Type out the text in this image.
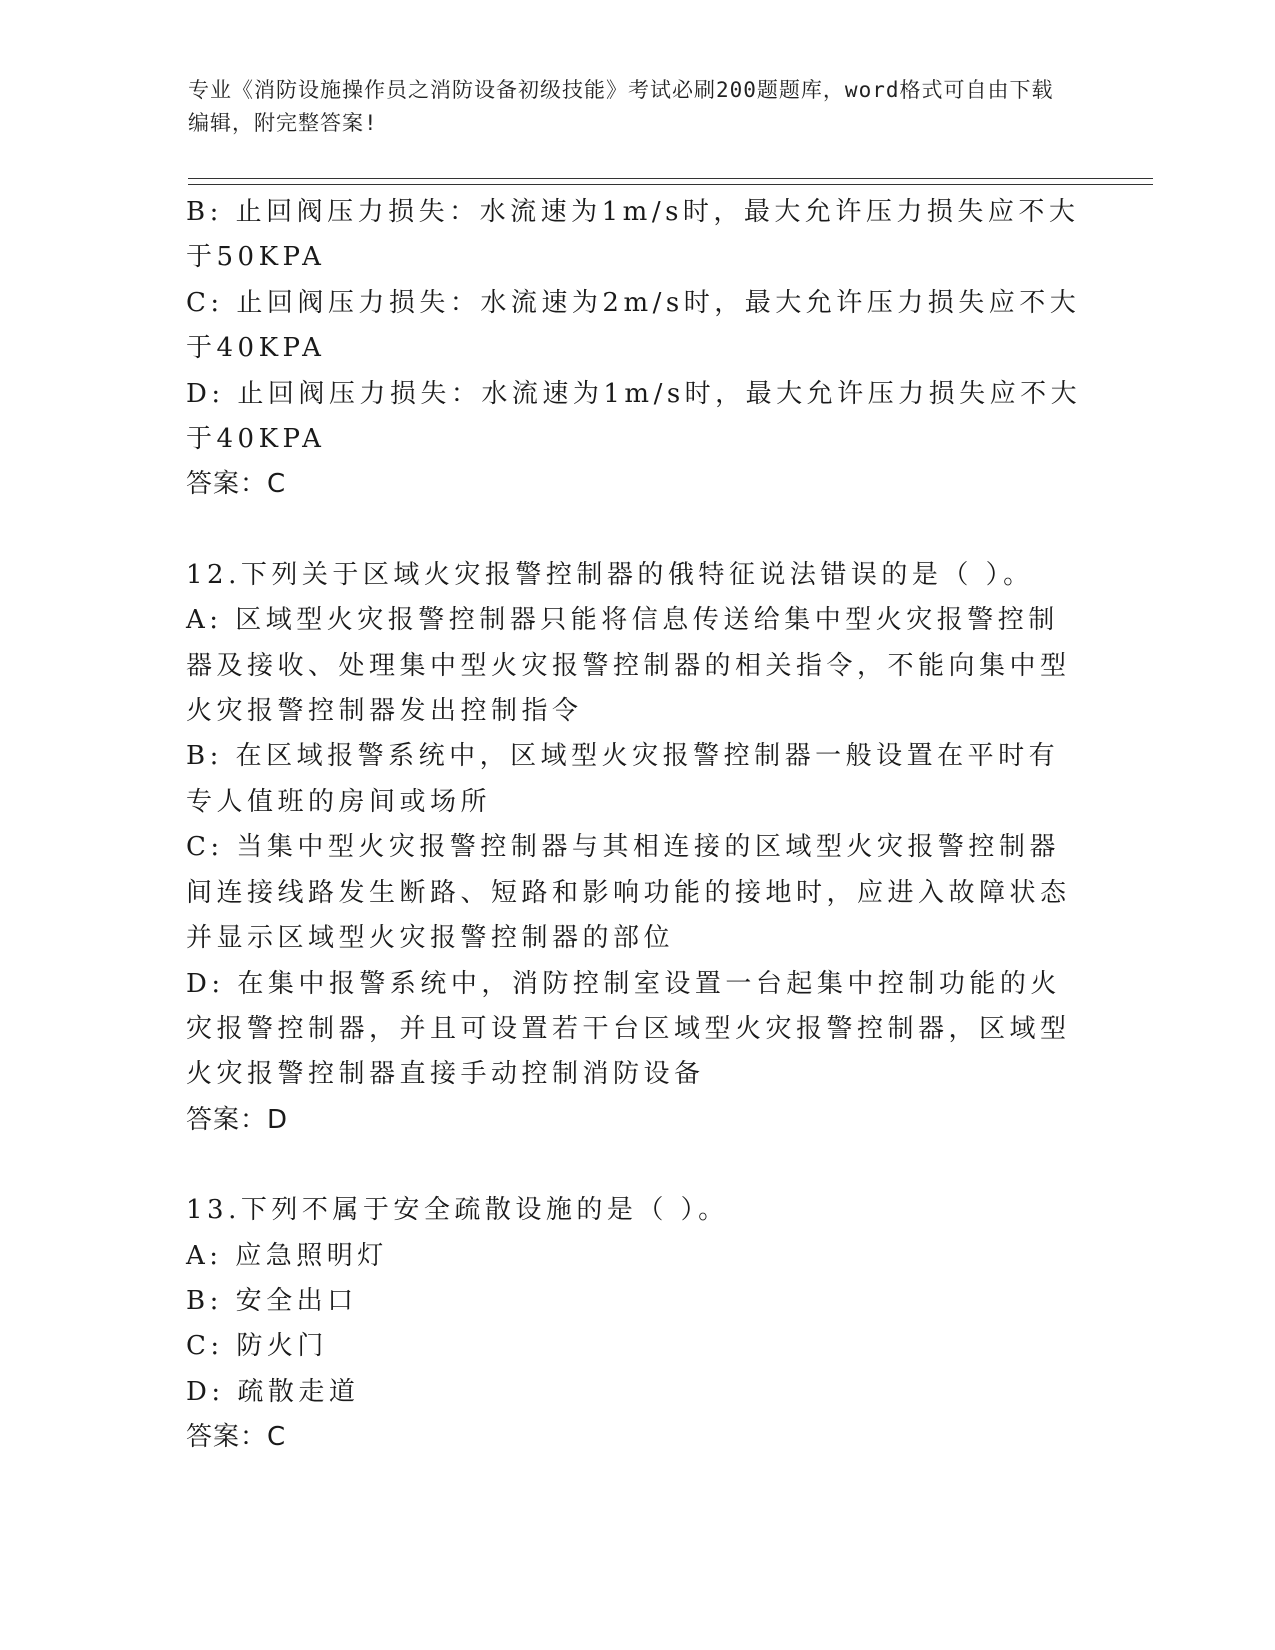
专业《消防设施操作员之消防设备初级技能》考试必刷200题题库，word格式可自由下载编辑，附完整答案!

B: 止回阀压力损失：水流速为1m/s时，最大允许压力损失应不大于50KPA

C: 止回阀压力损失：水流速为2m/s时，最大允许压力损失应不大于40KPA

D: 止回阀压力损失：水流速为1m/s时，最大允许压力损失应不大于40KPA

答案：C

12.下列关于区域火灾报警控制器的俄特征说法错误的是（ ）。

A: 区域型火灾报警控制器只能将信息传送给集中型火灾报警控制器及接收、处理集中型火灾报警控制器的相关指令，不能向集中型火灾报警控制器发出控制指令

B: 在区域报警系统中，区域型火灾报警控制器一般设置在平时有专人值班的房间或场所

C: 当集中型火灾报警控制器与其相连接的区域型火灾报警控制器间连接线路发生断路、短路和影响功能的接地时，应进入故障状态并显示区域型火灾报警控制器的部位

D: 在集中报警系统中，消防控制室设置一台起集中控制功能的火灾报警控制器，并且可设置若干台区域型火灾报警控制器，区域型火灾报警控制器直接手动控制消防设备

答案：D

13.下列不属于安全疏散设施的是（ ）。

A: 应急照明灯

B: 安全出口

C: 防火门

D: 疏散走道

答案：C
